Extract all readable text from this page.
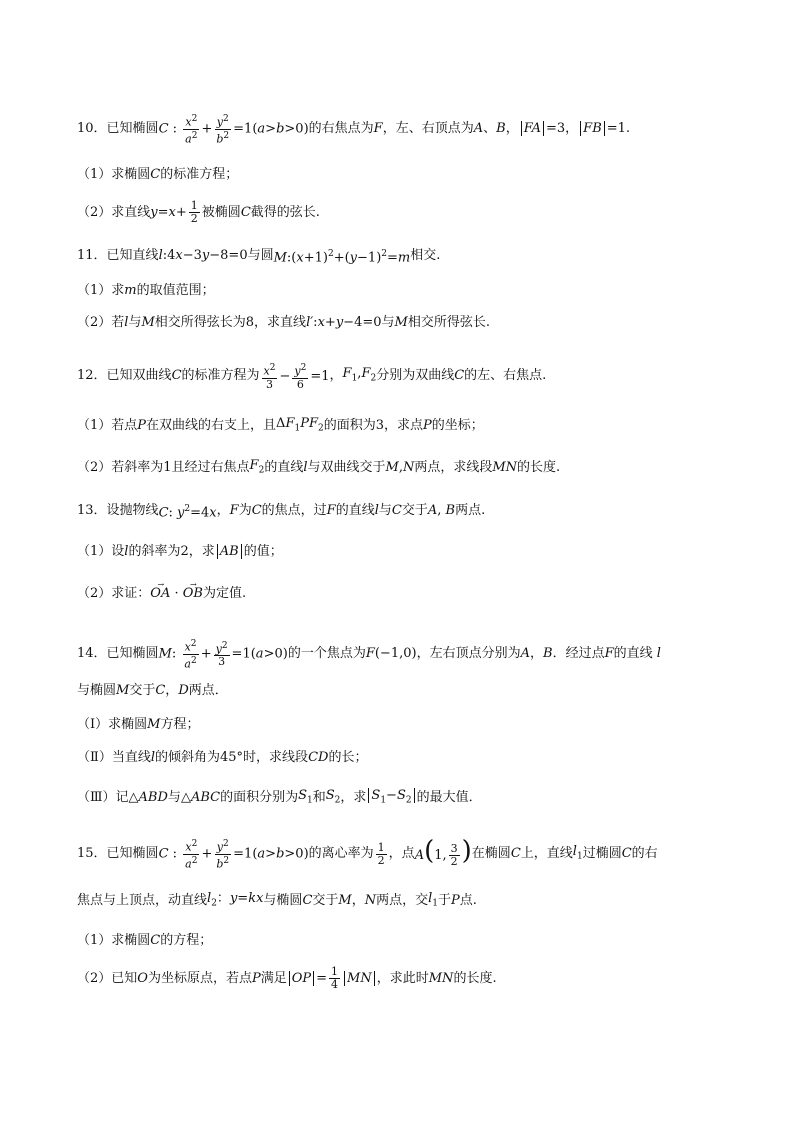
10． 已知椭圆 C : $\frac{x^2}{a^2} + \frac{y^2}{b^2} =1(a>b>0)$ 的右焦点为 F ，左、右顶点为 A、B ， FA =3 ， FB =1.
（1）求椭圆 C 的标准方程；
（2）求直线 $y=x+ \frac{1}{2}$ 被椭圆 C 截得的弦长.
11． 已知直线 l:4x−3y−8=0 与圆 $M:(x+1)^2+(y-1)^2=m$ 相交.
（1）求 m 的取值范围；
（2）若 l 与 M 相交所得弦长为8，求直线 l′:x+y−4=0 与 M 相交所得弦长.
12． 已知双曲线 C 的标准方程为 $\frac{x^2}{3} - \frac{y^2}{6} =1$ ， $F_1,F_2$ 分别为双曲线 C 的左、右焦点.
（1）若点 P 在双曲线的右支上，且 $\Delta F_1PF_2$ 的面积为3，求点 P 的坐标；
（2）若斜率为1且经过右焦点 $F_2$ 的直线 l 与双曲线交于 M,N 两点，求线段 MN 的长度.
13． 设抛物线 C: $y^2=4x$ ， F 为 C 的焦点，过 F 的直线 l 与 C 交于 A, B 两点.
（1）设 l 的斜率为2，求 AB 的值；
（2）求证：
→ OA · → OB 为定值.
14． 已知椭圆 M: $\frac{x^2}{a^2} + \frac{y^2}{3} =1(a>0)$ 的一个焦点为 F(−1,0) ，左右顶点分别为 A，B ．经过点 F 的直线 l
与椭圆 M 交于 C，D 两点．
（Ⅰ）求椭圆 M 方程；
（Ⅱ）当直线 l 的倾斜角为45°时，求线段 CD 的长；
（Ⅲ）记 △ABD 与 △ABC 的面积分别为 $S_1$ 和 $S_2$ ，求 $S_1-S_2$ 的最大值．
15． 已知椭圆 C : $\frac{x^2}{a^2} + \frac{y^2}{b^2} =1(a>b>0)$ 的离心率为 $\frac{1}{2}$ ，点 A(1, $\frac{3}{2}$ ) 在椭圆 C 上，直线 $l_1$ 过椭圆 C 的右
焦点与上顶点，动直线 $l_2$：y=kx 与椭圆 C 交于 M ， N 两点，交 $l_1$ 于 P 点.
（1）求椭圆 C 的方程；
（2）已知 O 为坐标原点，若点 P 满足 OP = $\frac{1}{4}$ MN ，求此时 MN 的长度.
